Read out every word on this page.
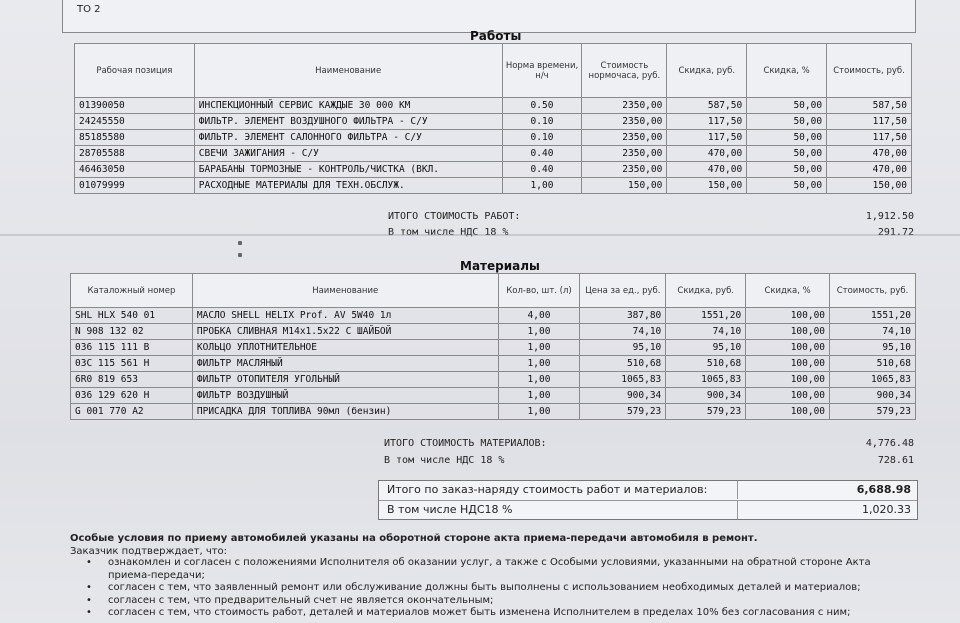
ТО 2
Работы
Рабочая позиция	Наименование	Норма времени, н/ч	Стоимость нормочаса, руб.	Скидка, руб.	Скидка, %	Стоимость, руб.
01390050	ИНСПЕКЦИОННЫЙ СЕРВИС КАЖДЫЕ 30 000 КМ	0.50	2350,00	587,50	50,00	587,50
24245550	ФИЛЬТР. ЭЛЕМЕНТ ВОЗДУШНОГО ФИЛЬТРА - С/У	0.10	2350,00	117,50	50,00	117,50
85185580	ФИЛЬТР. ЭЛЕМЕНТ САЛОННОГО ФИЛЬТРА - С/У	0.10	2350,00	117,50	50,00	117,50
28705588	СВЕЧИ ЗАЖИГАНИЯ - С/У	0.40	2350,00	470,00	50,00	470,00
46463050	БАРАБАНЫ ТОРМОЗНЫЕ - КОНТРОЛЬ/ЧИСТКА (ВКЛ.	0.40	2350,00	470,00	50,00	470,00
01079999	РАСХОДНЫЕ МАТЕРИАЛЫ ДЛЯ ТЕХН.ОБСЛУЖ.	1,00	150,00	150,00	50,00	150,00
ИТОГО СТОИМОСТЬ РАБОТ:	1,912.50
В том числе НДС 18 %	291.72
Материалы
Каталожный номер	Наименование	Кол-во, шт. (л)	Цена за ед., руб.	Скидка, руб.	Скидка, %	Стоимость, руб.
SHL HLX 540 01	МАСЛО SHELL HELIX Prof. AV 5W40 1л	4,00	387,80	1551,20	100,00	1551,20
N 908 132 02	ПРОБКА СЛИВНАЯ M14x1.5x22 С ШАЙБОЙ	1,00	74,10	74,10	100,00	74,10
036 115 111 B	КОЛЬЦО УПЛОТНИТЕЛЬНОЕ	1,00	95,10	95,10	100,00	95,10
03C 115 561 H	ФИЛЬТР МАСЛЯНЫЙ	1,00	510,68	510,68	100,00	510,68
6R0 819 653	ФИЛЬТР ОТОПИТЕЛЯ УГОЛЬНЫЙ	1,00	1065,83	1065,83	100,00	1065,83
036 129 620 H	ФИЛЬТР ВОЗДУШНЫЙ	1,00	900,34	900,34	100,00	900,34
G 001 770 A2	ПРИСАДКА ДЛЯ ТОПЛИВА 90мл (бензин)	1,00	579,23	579,23	100,00	579,23
ИТОГО СТОИМОСТЬ МАТЕРИАЛОВ:	4,776.48
В том числе НДС 18 %	728.61
Итого по заказ-наряду стоимость работ и материалов:	6,688.98
В том числе НДС18 %	1,020.33
Особые условия по приему автомобилей указаны на оборотной стороне акта приема-передачи автомобиля в ремонт.
Заказчик подтверждает, что:
• ознакомлен и согласен с положениями Исполнителя об оказании услуг, а также с Особыми условиями, указанными на обратной стороне Акта
приема-передачи;
• согласен с тем, что заявленный ремонт или обслуживание должны быть выполнены с использованием необходимых деталей и материалов;
• согласен с тем, что предварительный счет не является окончательным;
• согласен с тем, что стоимость работ, деталей и материалов может быть изменена Исполнителем в пределах 10% без согласования с ним;
